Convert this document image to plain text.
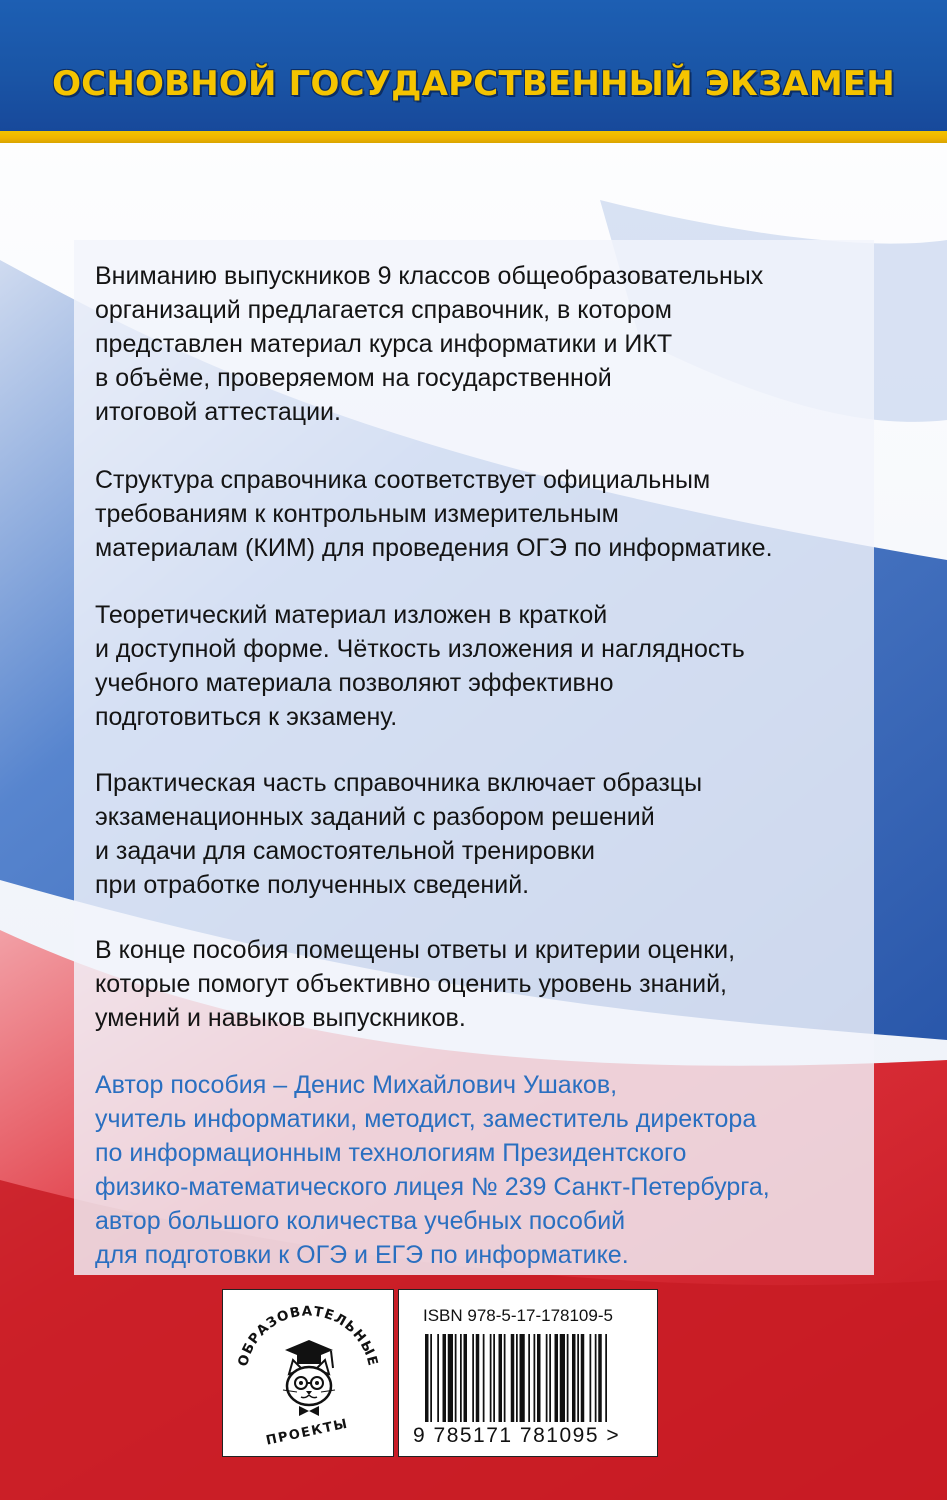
ОСНОВНОЙ ГОСУДАРСТВЕННЫЙ ЭКЗАМЕН

Вниманию выпускников 9 классов общеобразовательных
организаций предлагается справочник, в котором
представлен материал курса информатики и ИКТ
в объёме, проверяемом на государственной
итоговой аттестации.

Структура справочника соответствует официальным
требованиям к контрольным измерительным
материалам (КИМ) для проведения ОГЭ по информатике.

Теоретический материал изложен в краткой
и доступной форме. Чёткость изложения и наглядность
учебного материала позволяют эффективно
подготовиться к экзамену.

Практическая часть справочника включает образцы
экзаменационных заданий с разбором решений
и задачи для самостоятельной тренировки
при отработке полученных сведений.

В конце пособия помещены ответы и критерии оценки,
которые помогут объективно оценить уровень знаний,
умений и навыков выпускников.

Автор пособия – Денис Михайлович Ушаков,
учитель информатики, методист, заместитель директора
по информационным технологиям Президентского
физико-математического лицея № 239 Санкт-Петербурга,
автор большого количества учебных пособий
для подготовки к ОГЭ и ЕГЭ по информатике.

ОБРАЗОВАТЕЛЬНЫЕ
ПРОЕКТЫ
ISBN 978-5-17-178109-5
9 785171 781095 >
